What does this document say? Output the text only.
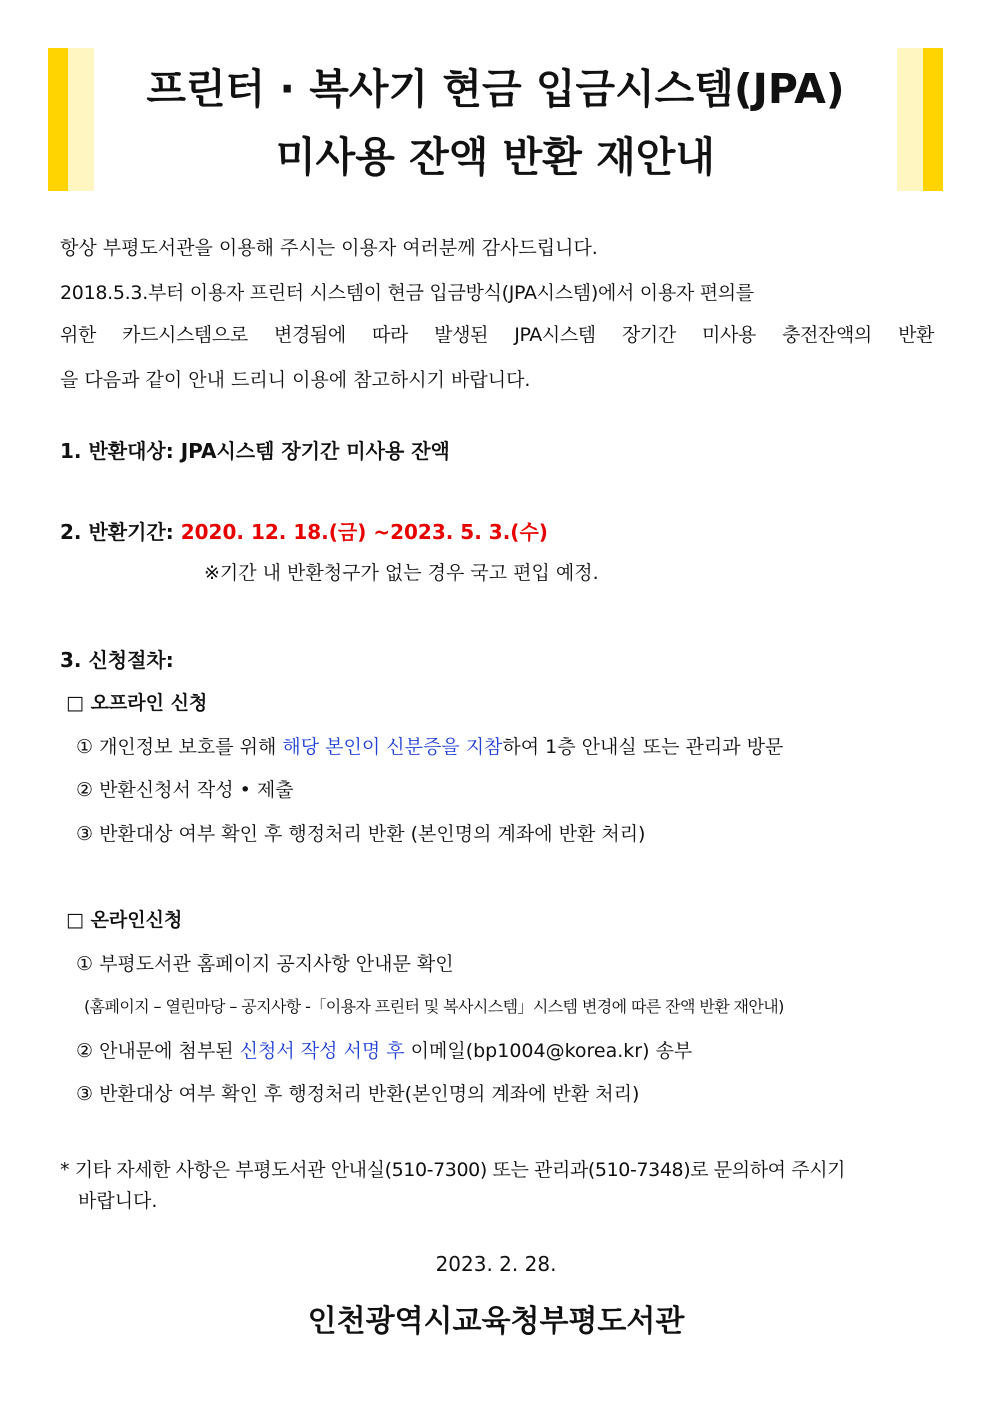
프린터 · 복사기 현금 입금시스템(JPA)
미사용 잔액 반환 재안내
항상 부평도서관을 이용해 주시는 이용자 여러분께 감사드립니다.
2018.5.3.부터 이용자 프린터 시스템이 현금 입금방식(JPA시스템)에서 이용자 편의를
위한 카드시스템으로 변경됨에 따라 발생된 JPA시스템 장기간 미사용 충전잔액의 반환
을 다음과 같이 안내 드리니 이용에 참고하시기 바랍니다.
1. 반환대상: JPA시스템 장기간 미사용 잔액
2. 반환기간: 2020. 12. 18.(금) ~2023. 5. 3.(수)
※기간 내 반환청구가 없는 경우 국고 편입 예정.
3. 신청절차:
□ 오프라인 신청
① 개인정보 보호를 위해 해당 본인이 신분증을 지참하여 1층 안내실 또는 관리과 방문
② 반환신청서 작성 • 제출
③ 반환대상 여부 확인 후 행정처리 반환 (본인명의 계좌에 반환 처리)
□ 온라인신청
① 부평도서관 홈페이지 공지사항 안내문 확인
(홈페이지 – 열린마당 – 공지사항 -「이용자 프린터 및 복사시스템」시스템 변경에 따른 잔액 반환 재안내)
② 안내문에 첨부된 신청서 작성 서명 후 이메일(bp1004@korea.kr) 송부
③ 반환대상 여부 확인 후 행정처리 반환(본인명의 계좌에 반환 처리)
* 기타 자세한 사항은 부평도서관 안내실(510-7300) 또는 관리과(510-7348)로 문의하여 주시기
바랍니다.
2023. 2. 28.
인천광역시교육청부평도서관
